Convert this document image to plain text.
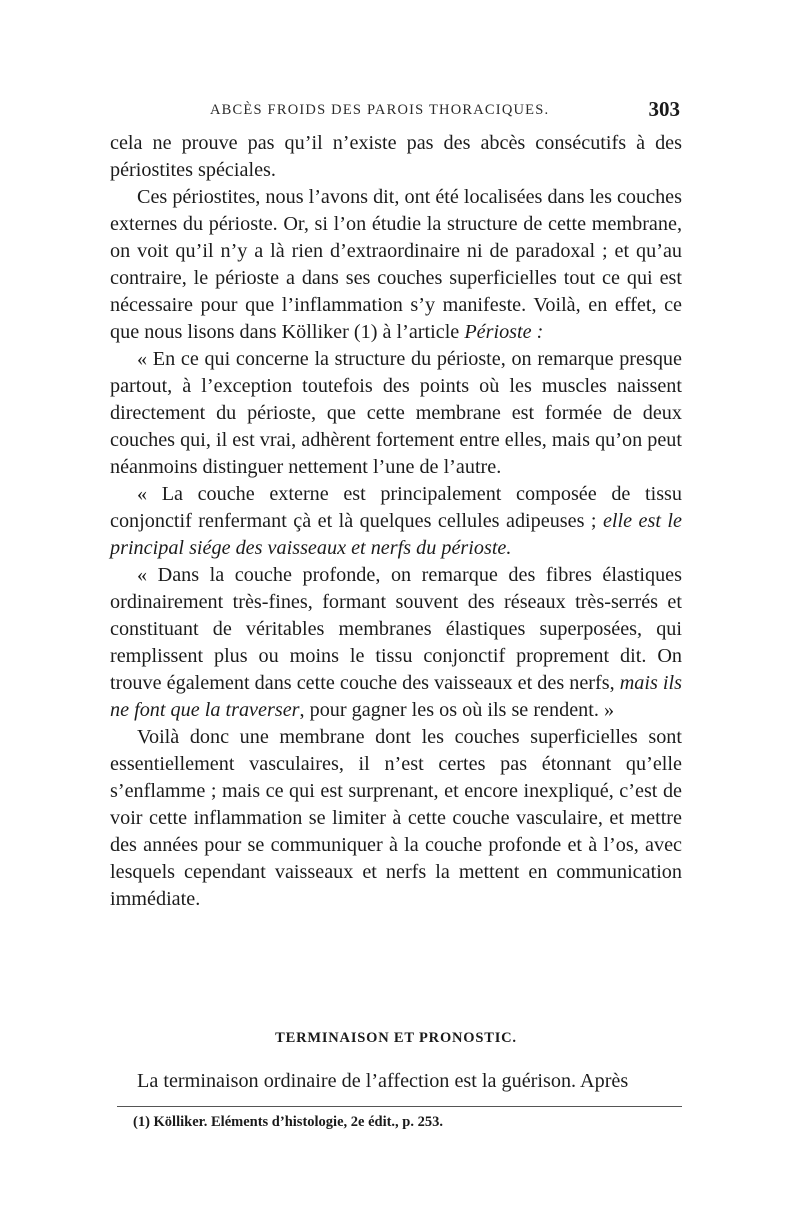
ABCÈS FROIDS DES PAROIS THORACIQUES.	303

cela ne prouve pas qu’il n’existe pas des abcès consécutifs à des périostites spéciales.

Ces périostites, nous l’avons dit, ont été localisées dans les couches externes du périoste. Or, si l’on étudie la structure de cette membrane, on voit qu’il n’y a là rien d’extraordinaire ni de paradoxal ; et qu’au contraire, le périoste a dans ses couches superficielles tout ce qui est nécessaire pour que l’inflammation s’y manifeste. Voilà, en effet, ce que nous lisons dans Kölliker (1) à l’article Périoste :

« En ce qui concerne la structure du périoste, on remarque presque partout, à l’exception toutefois des points où les muscles naissent directement du périoste, que cette membrane est formée de deux couches qui, il est vrai, adhèrent fortement entre elles, mais qu’on peut néanmoins distinguer nettement l’une de l’autre.

« La couche externe est principalement composée de tissu conjonctif renfermant çà et là quelques cellules adipeuses ; elle est le principal siége des vaisseaux et nerfs du périoste.

« Dans la couche profonde, on remarque des fibres élastiques ordinairement très-fines, formant souvent des réseaux très-serrés et constituant de véritables membranes élastiques superposées, qui remplissent plus ou moins le tissu conjonctif proprement dit. On trouve également dans cette couche des vaisseaux et des nerfs, mais ils ne font que la traverser, pour gagner les os où ils se rendent. »

Voilà donc une membrane dont les couches superficielles sont essentiellement vasculaires, il n’est certes pas étonnant qu’elle s’enflamme ; mais ce qui est surprenant, et encore inexpliqué, c’est de voir cette inflammation se limiter à cette couche vasculaire, et mettre des années pour se communiquer à la couche profonde et à l’os, avec lesquels cependant vaisseaux et nerfs la mettent en communication immédiate.

TERMINAISON ET PRONOSTIC.
La terminaison ordinaire de l’affection est la guérison. Après
(1) Kölliker. Eléments d’histologie, 2e édit., p. 253.
